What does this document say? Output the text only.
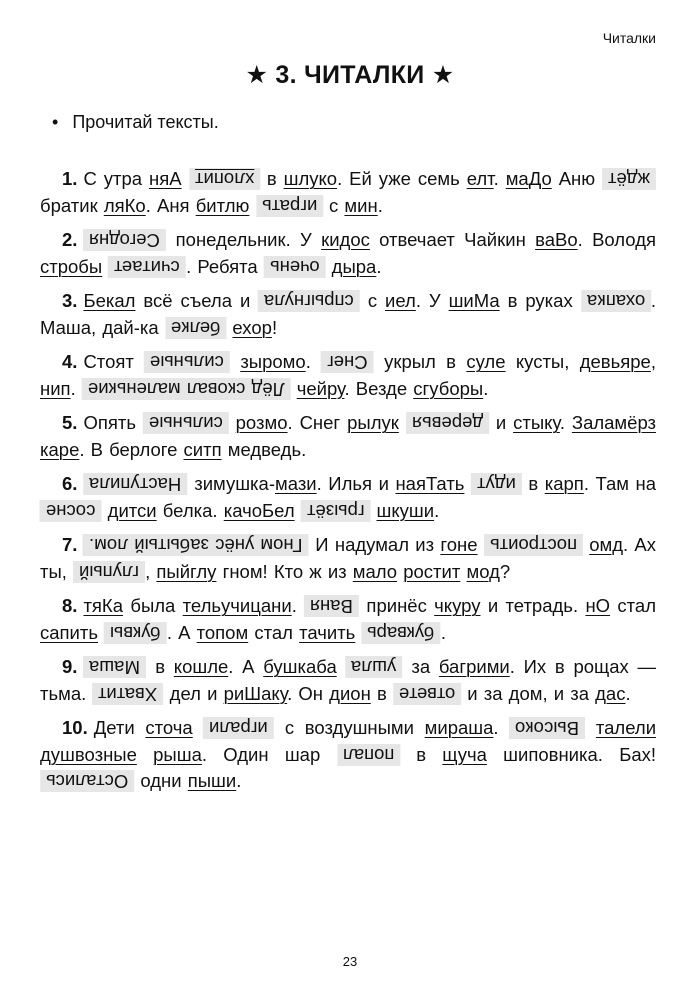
Читалки
★ 3. ЧИТАЛКИ ★
• Прочитай тексты.
1. С утра няА хлопит в шлуко. Ей уже семь елт. маДо Аню ждёт братик ляКо. Аня битлю играть с мин.
2. Сегодня понедельник. У кидос отвечает Чайкин ваВо. Володя стробы считает . Ребята очень дыра.
3. Бекал всё съела и спрыгнула с иел. У шиМа в руках охапка . Маша, дай-ка белке ехор!
4. Стоят сильные зыромо. Снег укрыл в суле кусты, девьяре, нип. Лёд сковал маленькие чейру. Везде сгуборы.
5. Опять сильные розмо. Снег рылук деревья и стыку. Заламёрз каре. В берлоге ситп медведь.
6. Наступила зимушка-мази. Илья и наяТать идут в карп. Там на сосне дитси белка. качоБел грызёт шкуши.
7. Гном унёс забытый лом. И надумал из гоне построить омд. Ах ты, глупый , пыйглу гном! Кто ж из мало ростит мод?
8. тяКа была тельучицани. Ваня принёс чкуру и тетрадь. нО стал сапить буквы . А топом стал тачить букварь .
9. Маша в кошле. А бушкаба ушла за багрими. Их в рощах — тьма. Хватит дел и риШаку. Он дион в ответе и за дом, и за дас.
10. Дети сточа играли с воздушными мираша. Высоко талели душвозные рыша. Один шар попал в щуча шиповника. Бах! Остались одни пыши.
23
